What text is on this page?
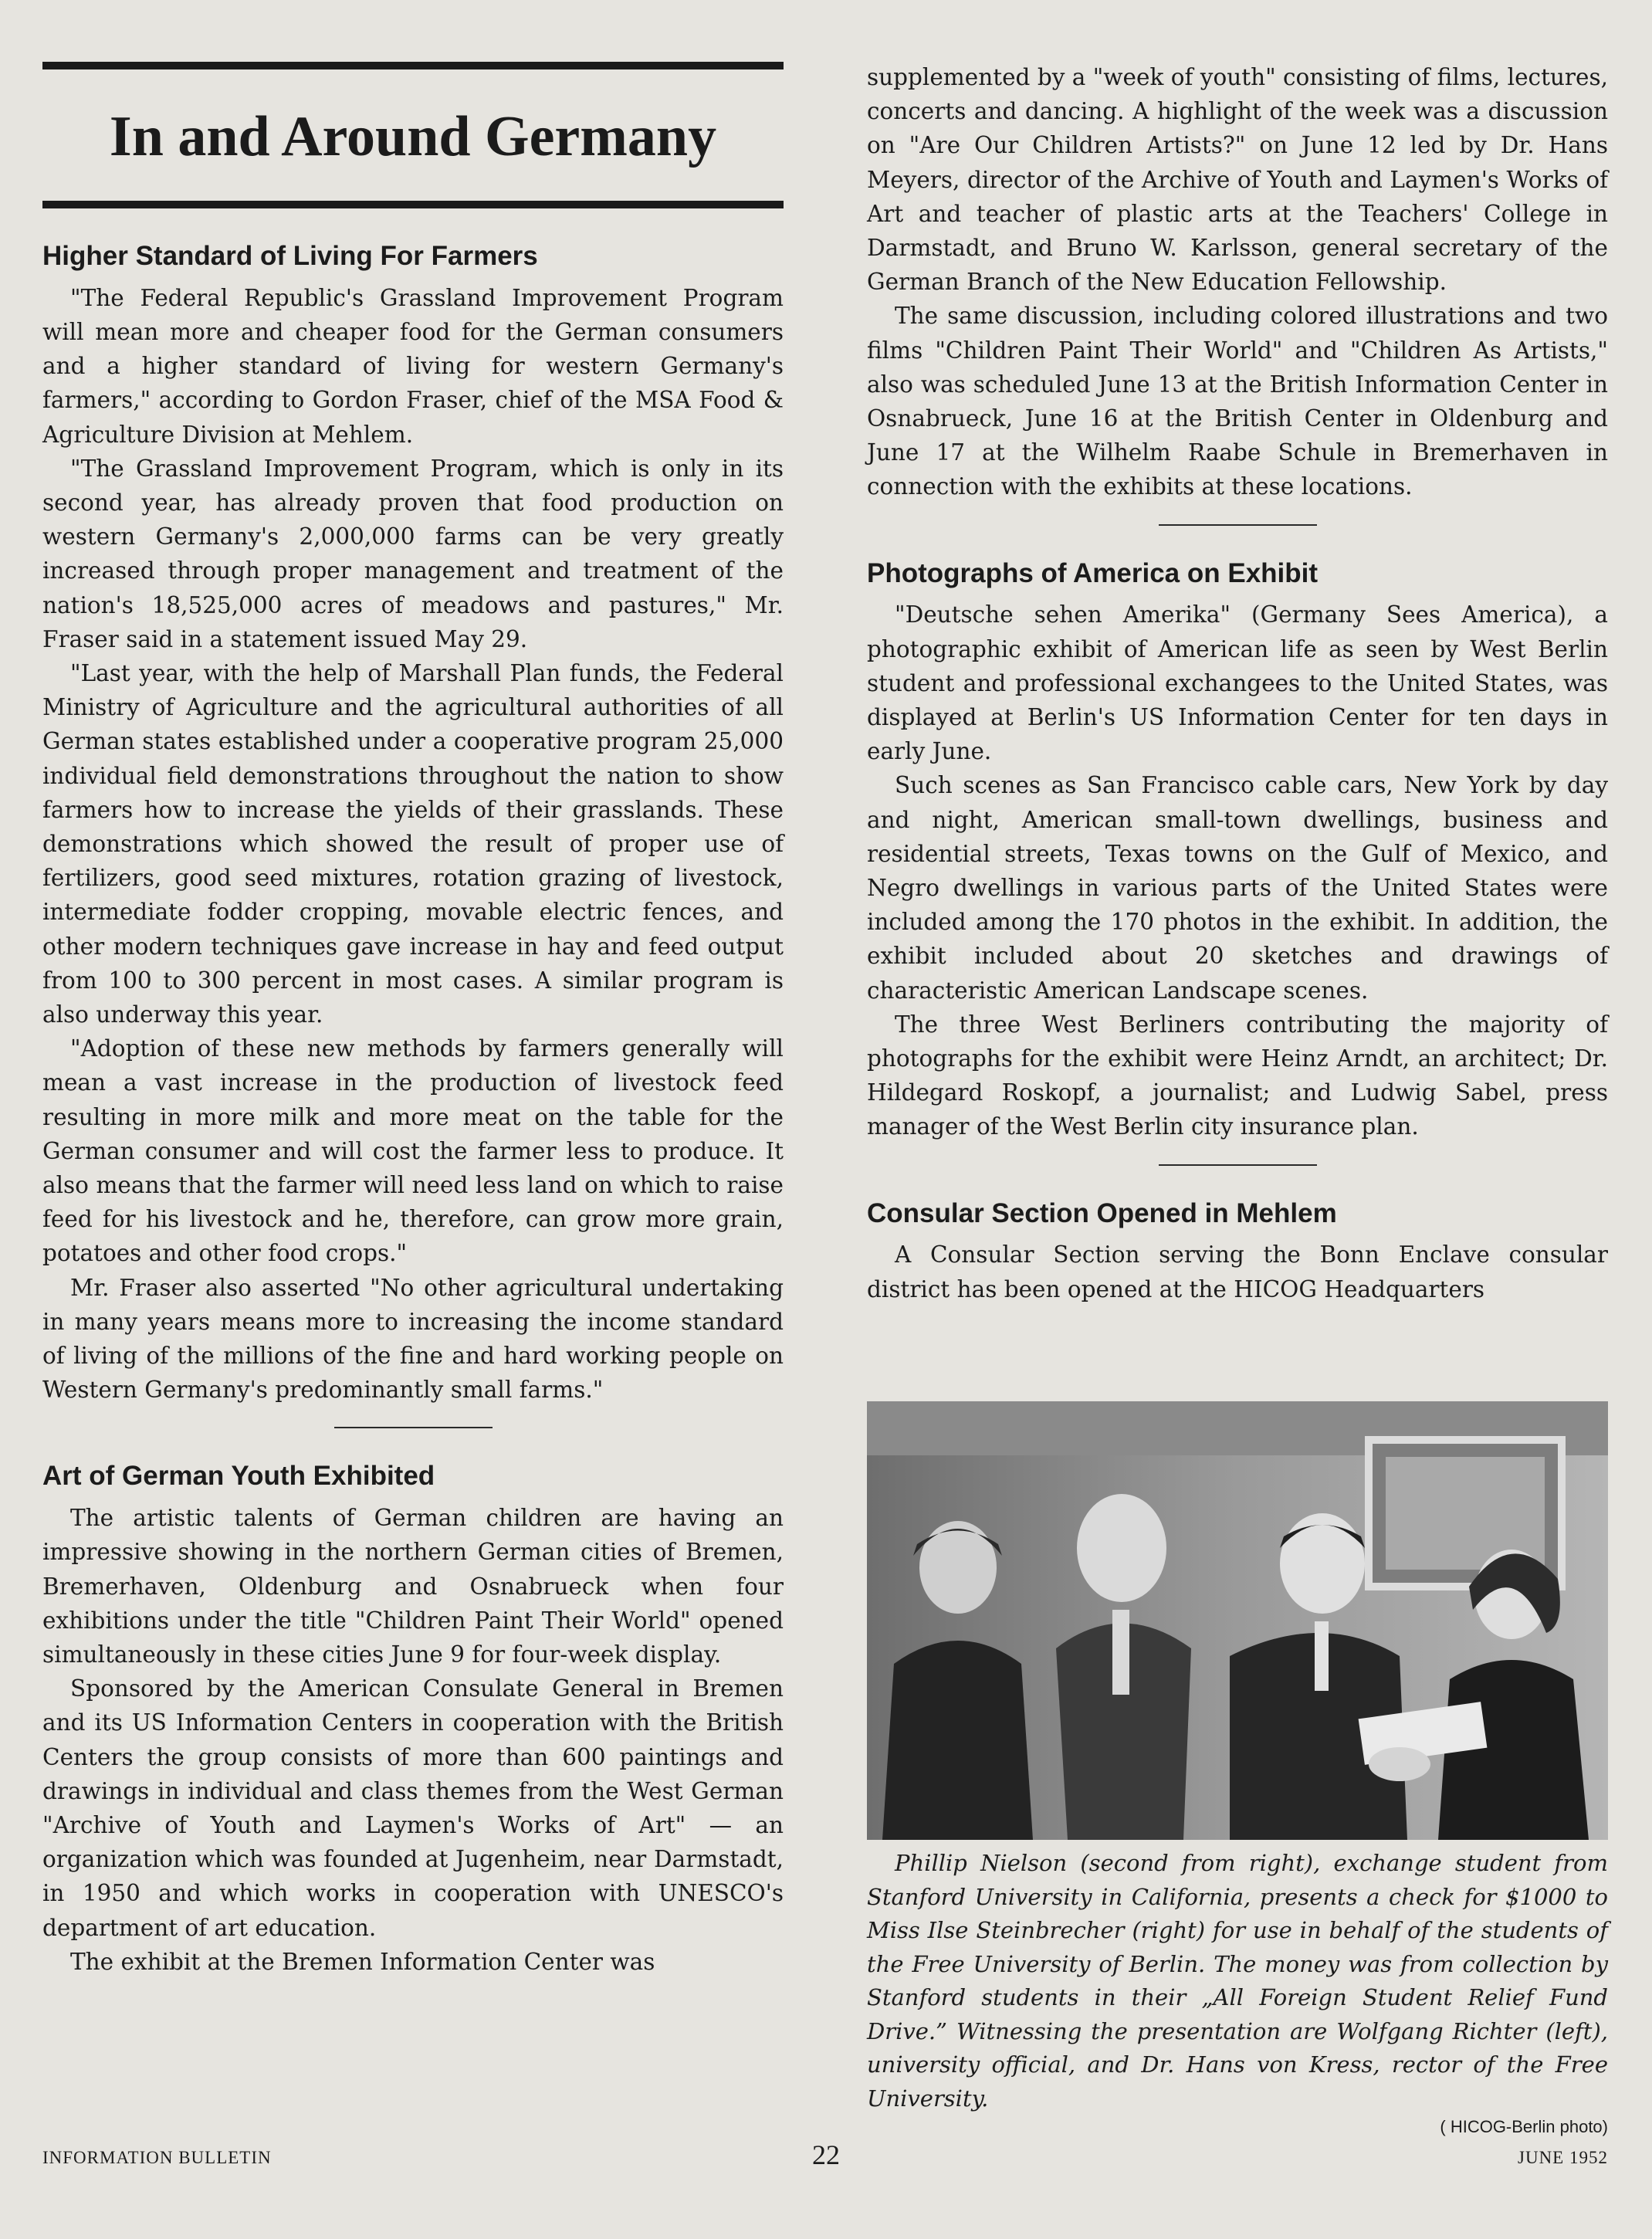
In and Around Germany
Higher Standard of Living For Farmers

"The Federal Republic's Grassland Improvement Program will mean more and cheaper food for the German consumers and a higher standard of living for western Germany's farmers," according to Gordon Fraser, chief of the MSA Food & Agriculture Division at Mehlem.

"The Grassland Improvement Program, which is only in its second year, has already proven that food production on western Germany's 2,000,000 farms can be very greatly increased through proper management and treatment of the nation's 18,525,000 acres of meadows and pastures," Mr. Fraser said in a statement issued May 29.

"Last year, with the help of Marshall Plan funds, the Federal Ministry of Agriculture and the agricultural authorities of all German states established under a cooperative program 25,000 individual field demonstrations throughout the nation to show farmers how to increase the yields of their grasslands. These demonstrations which showed the result of proper use of fertilizers, good seed mixtures, rotation grazing of livestock, intermediate fodder cropping, movable electric fences, and other modern techniques gave increase in hay and feed output from 100 to 300 percent in most cases. A similar program is also underway this year.

"Adoption of these new methods by farmers generally will mean a vast increase in the production of livestock feed resulting in more milk and more meat on the table for the German consumer and will cost the farmer less to produce. It also means that the farmer will need less land on which to raise feed for his livestock and he, therefore, can grow more grain, potatoes and other food crops."

Mr. Fraser also asserted "No other agricultural undertaking in many years means more to increasing the income standard of living of the millions of the fine and hard working people on Western Germany's predominantly small farms."

Art of German Youth Exhibited

The artistic talents of German children are having an impressive showing in the northern German cities of Bremen, Bremerhaven, Oldenburg and Osnabrueck when four exhibitions under the title "Children Paint Their World" opened simultaneously in these cities June 9 for four-week display.

Sponsored by the American Consulate General in Bremen and its US Information Centers in cooperation with the British Centers the group consists of more than 600 paintings and drawings in individual and class themes from the West German "Archive of Youth and Laymen's Works of Art" — an organization which was founded at Jugenheim, near Darmstadt, in 1950 and which works in cooperation with UNESCO's department of art education.

The exhibit at the Bremen Information Center was

supplemented by a "week of youth" consisting of films, lectures, concerts and dancing. A highlight of the week was a discussion on "Are Our Children Artists?" on June 12 led by Dr. Hans Meyers, director of the Archive of Youth and Laymen's Works of Art and teacher of plastic arts at the Teachers' College in Darmstadt, and Bruno W. Karlsson, general secretary of the German Branch of the New Education Fellowship.

The same discussion, including colored illustrations and two films "Children Paint Their World" and "Children As Artists," also was scheduled June 13 at the British Information Center in Osnabrueck, June 16 at the British Center in Oldenburg and June 17 at the Wilhelm Raabe Schule in Bremerhaven in connection with the exhibits at these locations.

Photographs of America on Exhibit

"Deutsche sehen Amerika" (Germany Sees America), a photographic exhibit of American life as seen by West Berlin student and professional exchangees to the United States, was displayed at Berlin's US Information Center for ten days in early June.

Such scenes as San Francisco cable cars, New York by day and night, American small-town dwellings, business and residential streets, Texas towns on the Gulf of Mexico, and Negro dwellings in various parts of the United States were included among the 170 photos in the exhibit. In addition, the exhibit included about 20 sketches and drawings of characteristic American Landscape scenes.

The three West Berliners contributing the majority of photographs for the exhibit were Heinz Arndt, an architect; Dr. Hildegard Roskopf, a journalist; and Ludwig Sabel, press manager of the West Berlin city insurance plan.

Consular Section Opened in Mehlem

A Consular Section serving the Bonn Enclave consular district has been opened at the HICOG Headquarters

Phillip Nielson (second from right), exchange student from Stanford University in California, presents a check for $1000 to Miss Ilse Steinbrecher (right) for use in behalf of the students of the Free University of Berlin. The money was from collection by Stanford students in their „All Foreign Student Relief Fund Drive.” Witnessing the presentation are Wolfgang Richter (left), university official, and Dr. Hans von Kress, rector of the Free University.

( HICOG-Berlin photo)
INFORMATION BULLETIN	22	JUNE 1952
